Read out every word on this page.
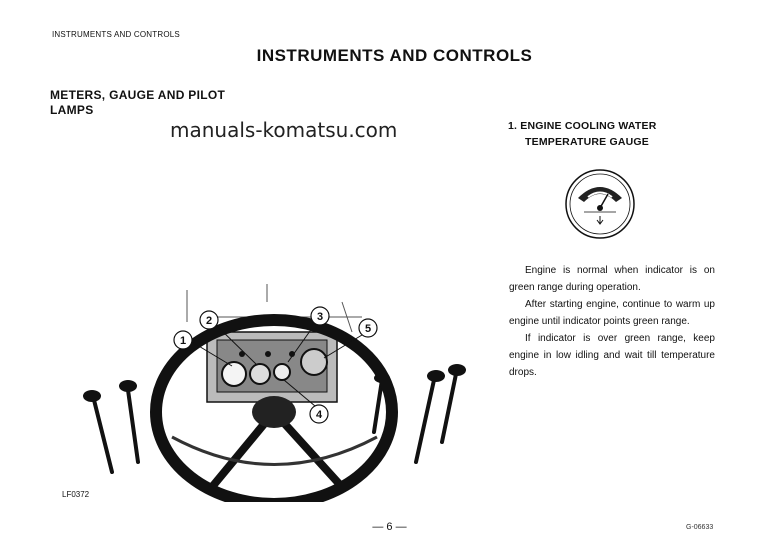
INSTRUMENTS AND CONTROLS
INSTRUMENTS AND CONTROLS
METERS, GAUGE AND PILOT
LAMPS
manuals-komatsu.com	1. ENGINE COOLING WATER
TEMPERATURE GAUGE

Engine is normal when indicator is on green range during operation.

After starting engine, continue to warm up engine until indicator points green range.

If indicator is over green range, keep engine in low idling and wait till temperature drops.

1
2	3
4
5
LF0372
— 6 —	G-06633
